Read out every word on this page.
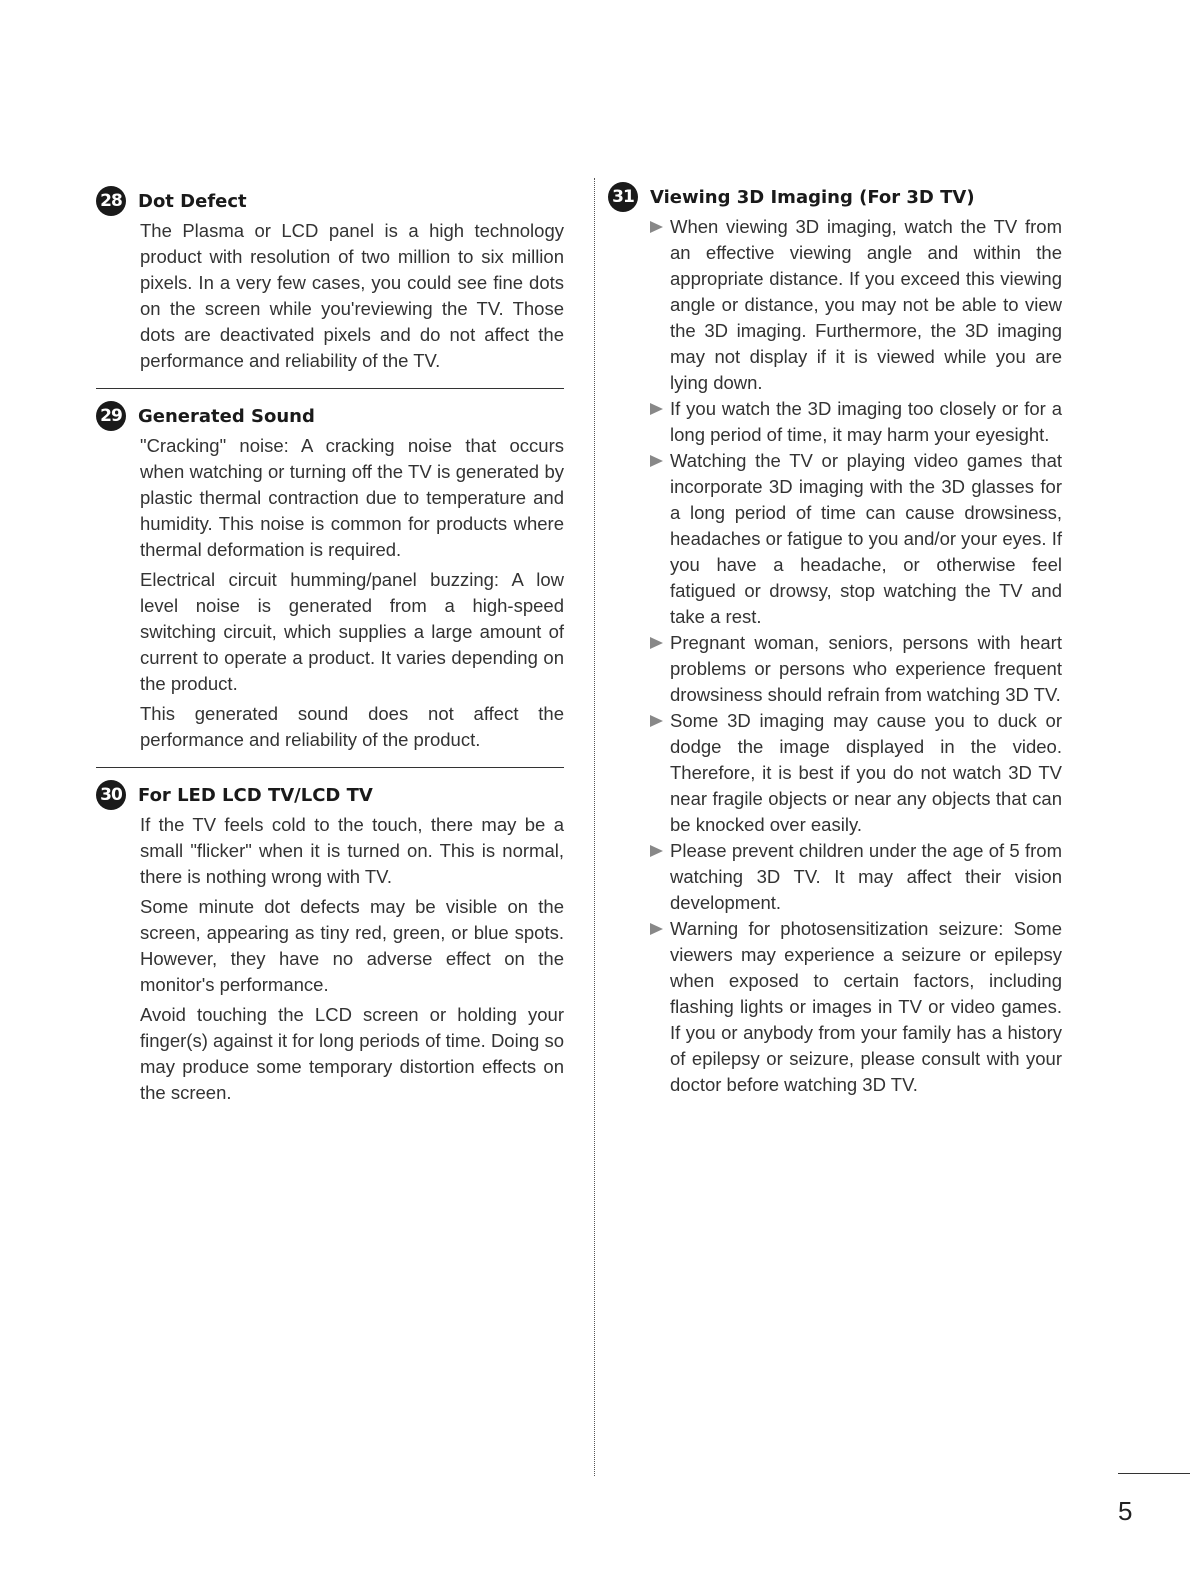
28 Dot Defect

The Plasma or LCD panel is a high technology product with resolution of two million to six million pixels. In a very few cases, you could see fine dots on the screen while you'reviewing the TV. Those dots are deactivated pixels and do not affect the performance and reliability of the TV.

29 Generated Sound

"Cracking" noise: A cracking noise that occurs when watching or turning off the TV is generated by plastic thermal contraction due to temperature and humidity. This noise is common for products where thermal deformation is required.

Electrical circuit humming/panel buzzing: A low level noise is generated from a high-speed switching circuit, which supplies a large amount of current to operate a product. It varies depending on the product.

This generated sound does not affect the performance and reliability of the product.

30 For LED LCD TV/LCD TV

If the TV feels cold to the touch, there may be a small "flicker" when it is turned on. This is normal, there is nothing wrong with TV.

Some minute dot defects may be visible on the screen, appearing as tiny red, green, or blue spots. However, they have no adverse effect on the monitor's performance.

Avoid touching the LCD screen or holding your finger(s) against it for long periods of time. Doing so may produce some temporary distortion effects on the screen.

31 Viewing 3D Imaging (For 3D TV)
When viewing 3D imaging, watch the TV from an effective viewing angle and within the appropriate distance. If you exceed this viewing angle or distance, you may not be able to view the 3D imaging. Furthermore, the 3D imaging may not display if it is viewed while you are lying down.
If you watch the 3D imaging too closely or for a long period of time, it may harm your eyesight.
Watching the TV or playing video games that incorporate 3D imaging with the 3D glasses for a long period of time can cause drowsiness, headaches or fatigue to you and/or your eyes. If you have a headache, or otherwise feel fatigued or drowsy, stop watching the TV and take a rest.
Pregnant woman, seniors, persons with heart problems or persons who experience frequent drowsiness should refrain from watching 3D TV.
Some 3D imaging may cause you to duck or dodge the image displayed in the video. Therefore, it is best if you do not watch 3D TV near fragile objects or near any objects that can be knocked over easily.
Please prevent children under the age of 5 from watching 3D TV. It may affect their vision development.
Warning for photosensitization seizure: Some viewers may experience a seizure or epilepsy when exposed to certain factors, including flashing lights or images in TV or video games. If you or anybody from your family has a history of epilepsy or seizure, please consult with your doctor before watching 3D TV.
5
